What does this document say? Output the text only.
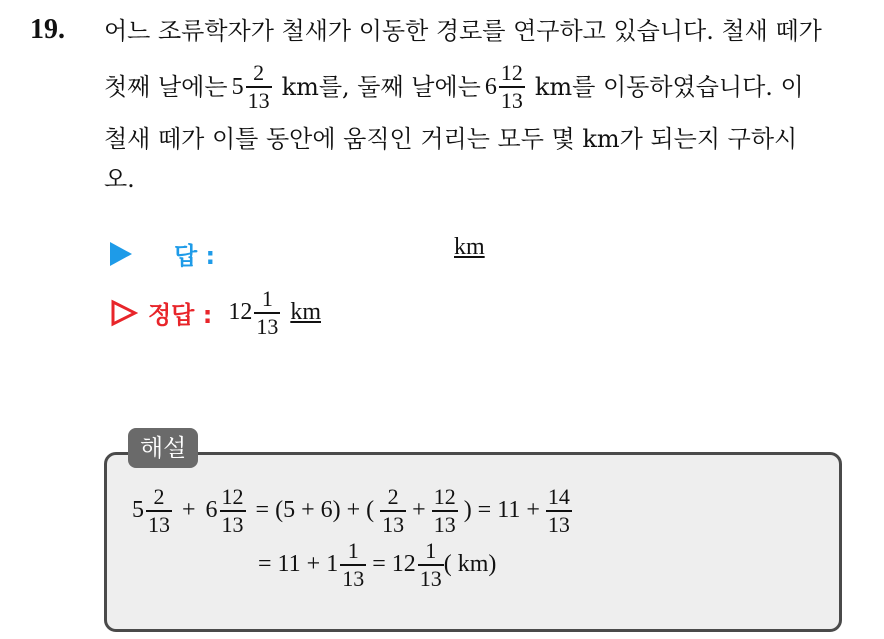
19. 어느 조류학자가 철새가 이동한 경로를 연구하고 있습니다. 철새 떼가
첫째 날에는 $5 \frac{2}{13}$ km를, 둘째 날에는 $6 \frac{12}{13}$ km를 이동하였습니다. 이
철새 떼가 이틀 동안에 움직인 거리는 모두 몇 km가 되는지 구하시
오.
답 :	km
정답 : $12 \frac{1}{13}$ km
해설
$5 \frac{2}{13} + 6 \frac{12}{13} = (5 + 6)$ + ( $\frac{2}{13} + \frac{12}{13}$ ) = $11 + \frac{14}{13}$
= $11 + 1 \frac{1}{13} = 12 \frac{1}{13}$ ( km)
